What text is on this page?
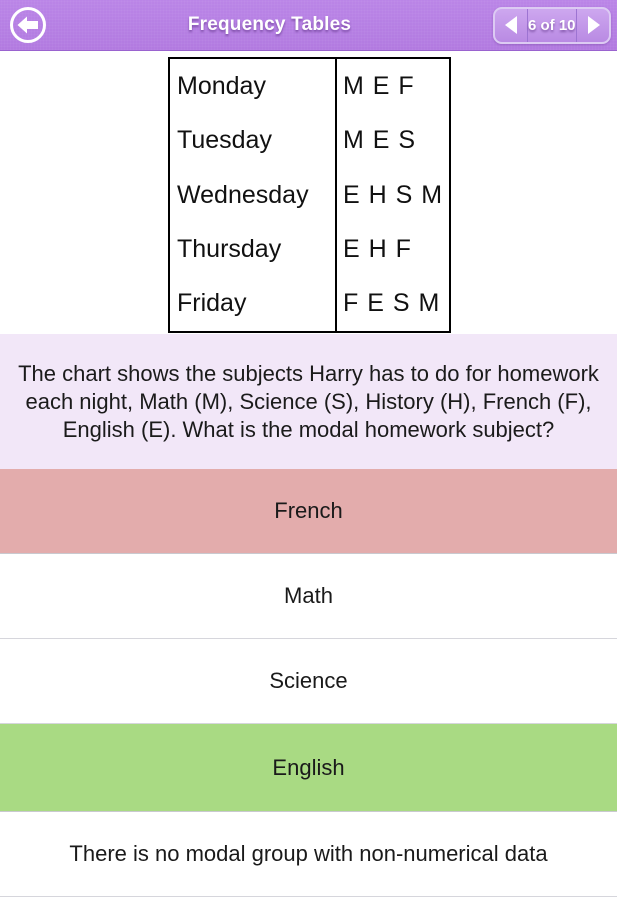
Frequency Tables	6 of 10
Monday	M E F
Tuesday	M E S
Wednesday	E H S M
Thursday	E H F
Friday	F E S M
The chart shows the subjects Harry has to do for homework each night, Math (M), Science (S), History (H), French (F), English (E). What is the modal homework subject?
French
Math
Science
English
There is no modal group with non-numerical data
